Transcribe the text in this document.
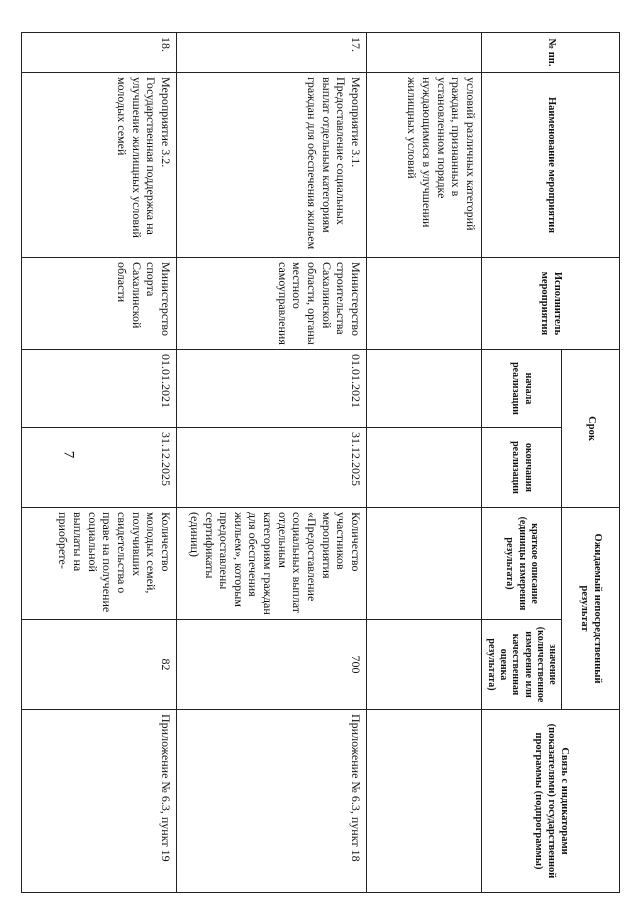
7
№ пп.	Наименование мероприятия	Исполнитель мероприятия	Срок		Ожидаемый непосредственный результат		Связь с индикаторами (показателями) государственной программы (подпрограммы)
			начала реализации	окончания реализации	краткое описание (единицы измерения результата)	значение (количественное измерение или качественная оценка результата)	
	условий различных категорий граждан, признанных в установленном порядке нуждающимися в улучшении жилищных условий						
17.	Мероприятие 3.1. Предоставление социальных выплат отдельным категориям граждан для обеспечения жильем	Министерство строительства Сахалинской области, органы местного самоуправления	01.01.2021	31.12.2025	Количество участников мероприятия «Предоставление социальных выплат отдельным категориям граждан для обеспечения жильем», которым предоставлены сертификаты (единиц)	700	Приложение № 6.3, пункт 18
18.	Мероприятие 3.2. Государственная поддержка на улучшение жилищных условий молодых семей	Министерство спорта Сахалинской области	01.01.2021	31.12.2025	Количество молодых семей, получивших свидетельства о праве на получение социальной выплаты на приобрете-	82	Приложение № 6.3, пункт 19
